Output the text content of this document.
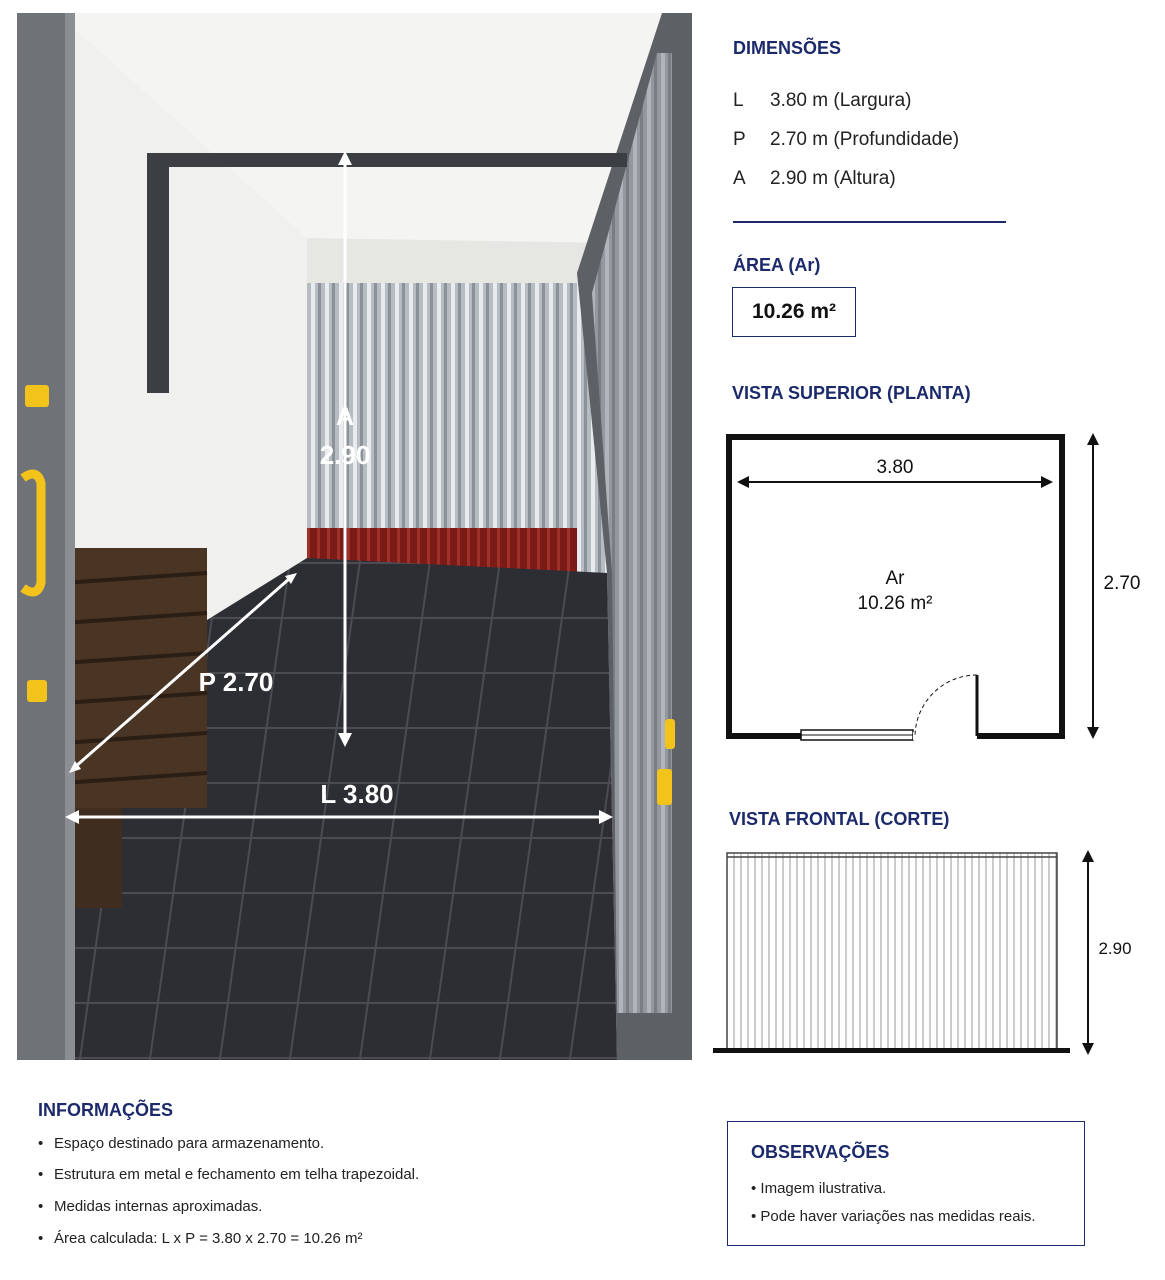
A
2.90
P 2.70
L 3.80
DIMENSÕES
L 3.80 m (Largura)
P 2.70 m (Profundidade)
A 2.90 m (Altura)
ÁREA (Ar)
10.26 m²
VISTA SUPERIOR (PLANTA)
3.80
Ar
10.26 m²
2.70
VISTA FRONTAL (CORTE)
2.90
INFORMAÇÕES
• Espaço destinado para armazenamento.
• Estrutura em metal e fechamento em telha trapezoidal.
• Medidas internas aproximadas.
• Área calculada: L x P = 3.80 x 2.70 = 10.26 m²
OBSERVAÇÕES
• Imagem ilustrativa.
• Pode haver variações nas medidas reais.
